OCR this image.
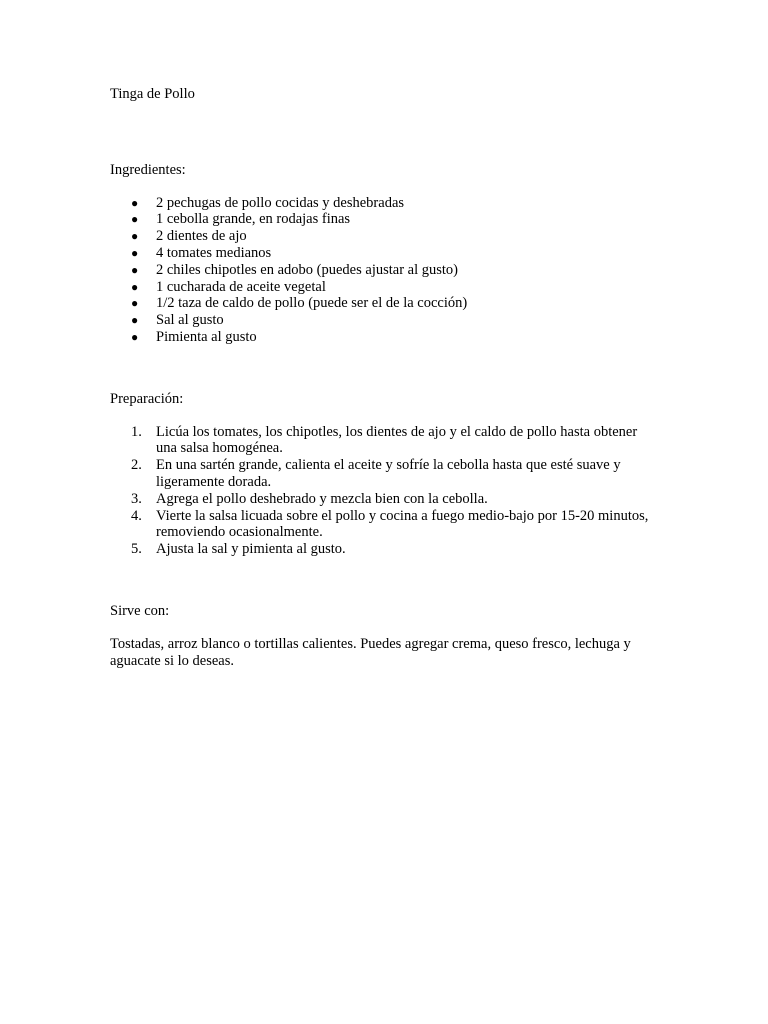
Tinga de Pollo
Ingredientes:
● 2 pechugas de pollo cocidas y deshebradas
● 1 cebolla grande, en rodajas finas
● 2 dientes de ajo
● 4 tomates medianos
● 2 chiles chipotles en adobo (puedes ajustar al gusto)
● 1 cucharada de aceite vegetal
● 1/2 taza de caldo de pollo (puede ser el de la cocción)
● Sal al gusto
● Pimienta al gusto
Preparación:
1. Licúa los tomates, los chipotles, los dientes de ajo y el caldo de pollo hasta obtener una salsa homogénea.
2. En una sartén grande, calienta el aceite y sofríe la cebolla hasta que esté suave y ligeramente dorada.
3. Agrega el pollo deshebrado y mezcla bien con la cebolla.
4. Vierte la salsa licuada sobre el pollo y cocina a fuego medio-bajo por 15-20 minutos, removiendo ocasionalmente.
5. Ajusta la sal y pimienta al gusto.
Sirve con:

Tostadas, arroz blanco o tortillas calientes. Puedes agregar crema, queso fresco, lechuga y aguacate si lo deseas.
